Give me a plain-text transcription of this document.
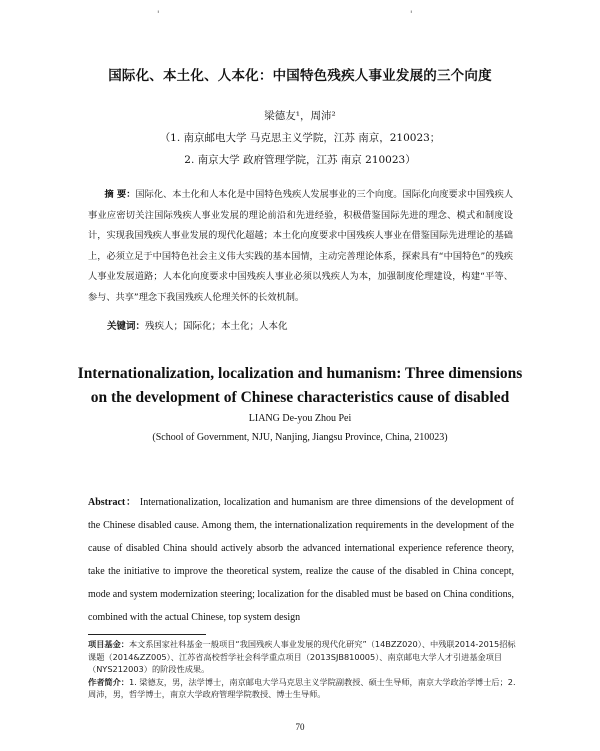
'	'
国际化、本土化、人本化：中国特色残疾人事业发展的三个向度
梁德友¹，周沛²
（1. 南京邮电大学 马克思主义学院，江苏 南京，210023；
2. 南京大学 政府管理学院，江苏 南京 210023）
摘 要：国际化、本土化和人本化是中国特色残疾人发展事业的三个向度。国际化向度要求中国残疾人事业应密切关注国际残疾人事业发展的理论前沿和先进经验，积极借鉴国际先进的理念、模式和制度设计，实现我国残疾人事业发展的现代化超越；本土化向度要求中国残疾人事业在借鉴国际先进理论的基础上，必须立足于中国特色社会主义伟大实践的基本国情，主动完善理论体系，探索具有“中国特色”的残疾人事业发展道路；人本化向度要求中国残疾人事业必须以残疾人为本，加强制度伦理建设，构建“平等、参与、共享”理念下我国残疾人伦理关怀的长效机制。
关键词：残疾人；国际化；本土化；人本化
Internationalization, localization and humanism: Three dimensions
on the development of Chinese characteristics cause of disabled
LIANG De-you Zhou Pei
(School of Government, NJU, Nanjing, Jiangsu Province, China, 210023)
Abstract： Internationalization, localization and humanism are three dimensions of the development of the Chinese disabled cause. Among them, the internationalization requirements in the development of the cause of disabled China should actively absorb the advanced international experience reference theory, take the initiative to improve the theoretical system, realize the cause of the disabled in China concept, mode and system modernization steering; localization for the disabled must be based on China conditions, combined with the actual Chinese, top system design
项目基金：本文系国家社科基金一般项目“我国残疾人事业发展的现代化研究”（14BZZ020）、中残联2014-2015招标课题（2014&ZZ005）、江苏省高校哲学社会科学重点项目（2013SJB810005）、南京邮电大学人才引进基金项目（NYS212003）的阶段性成果。
作者简介：1. 梁德友，男，法学博士，南京邮电大学马克思主义学院副教授、硕士生导师，南京大学政治学博士后；2. 周沛，男，哲学博士，南京大学政府管理学院教授、博士生导师。
70
